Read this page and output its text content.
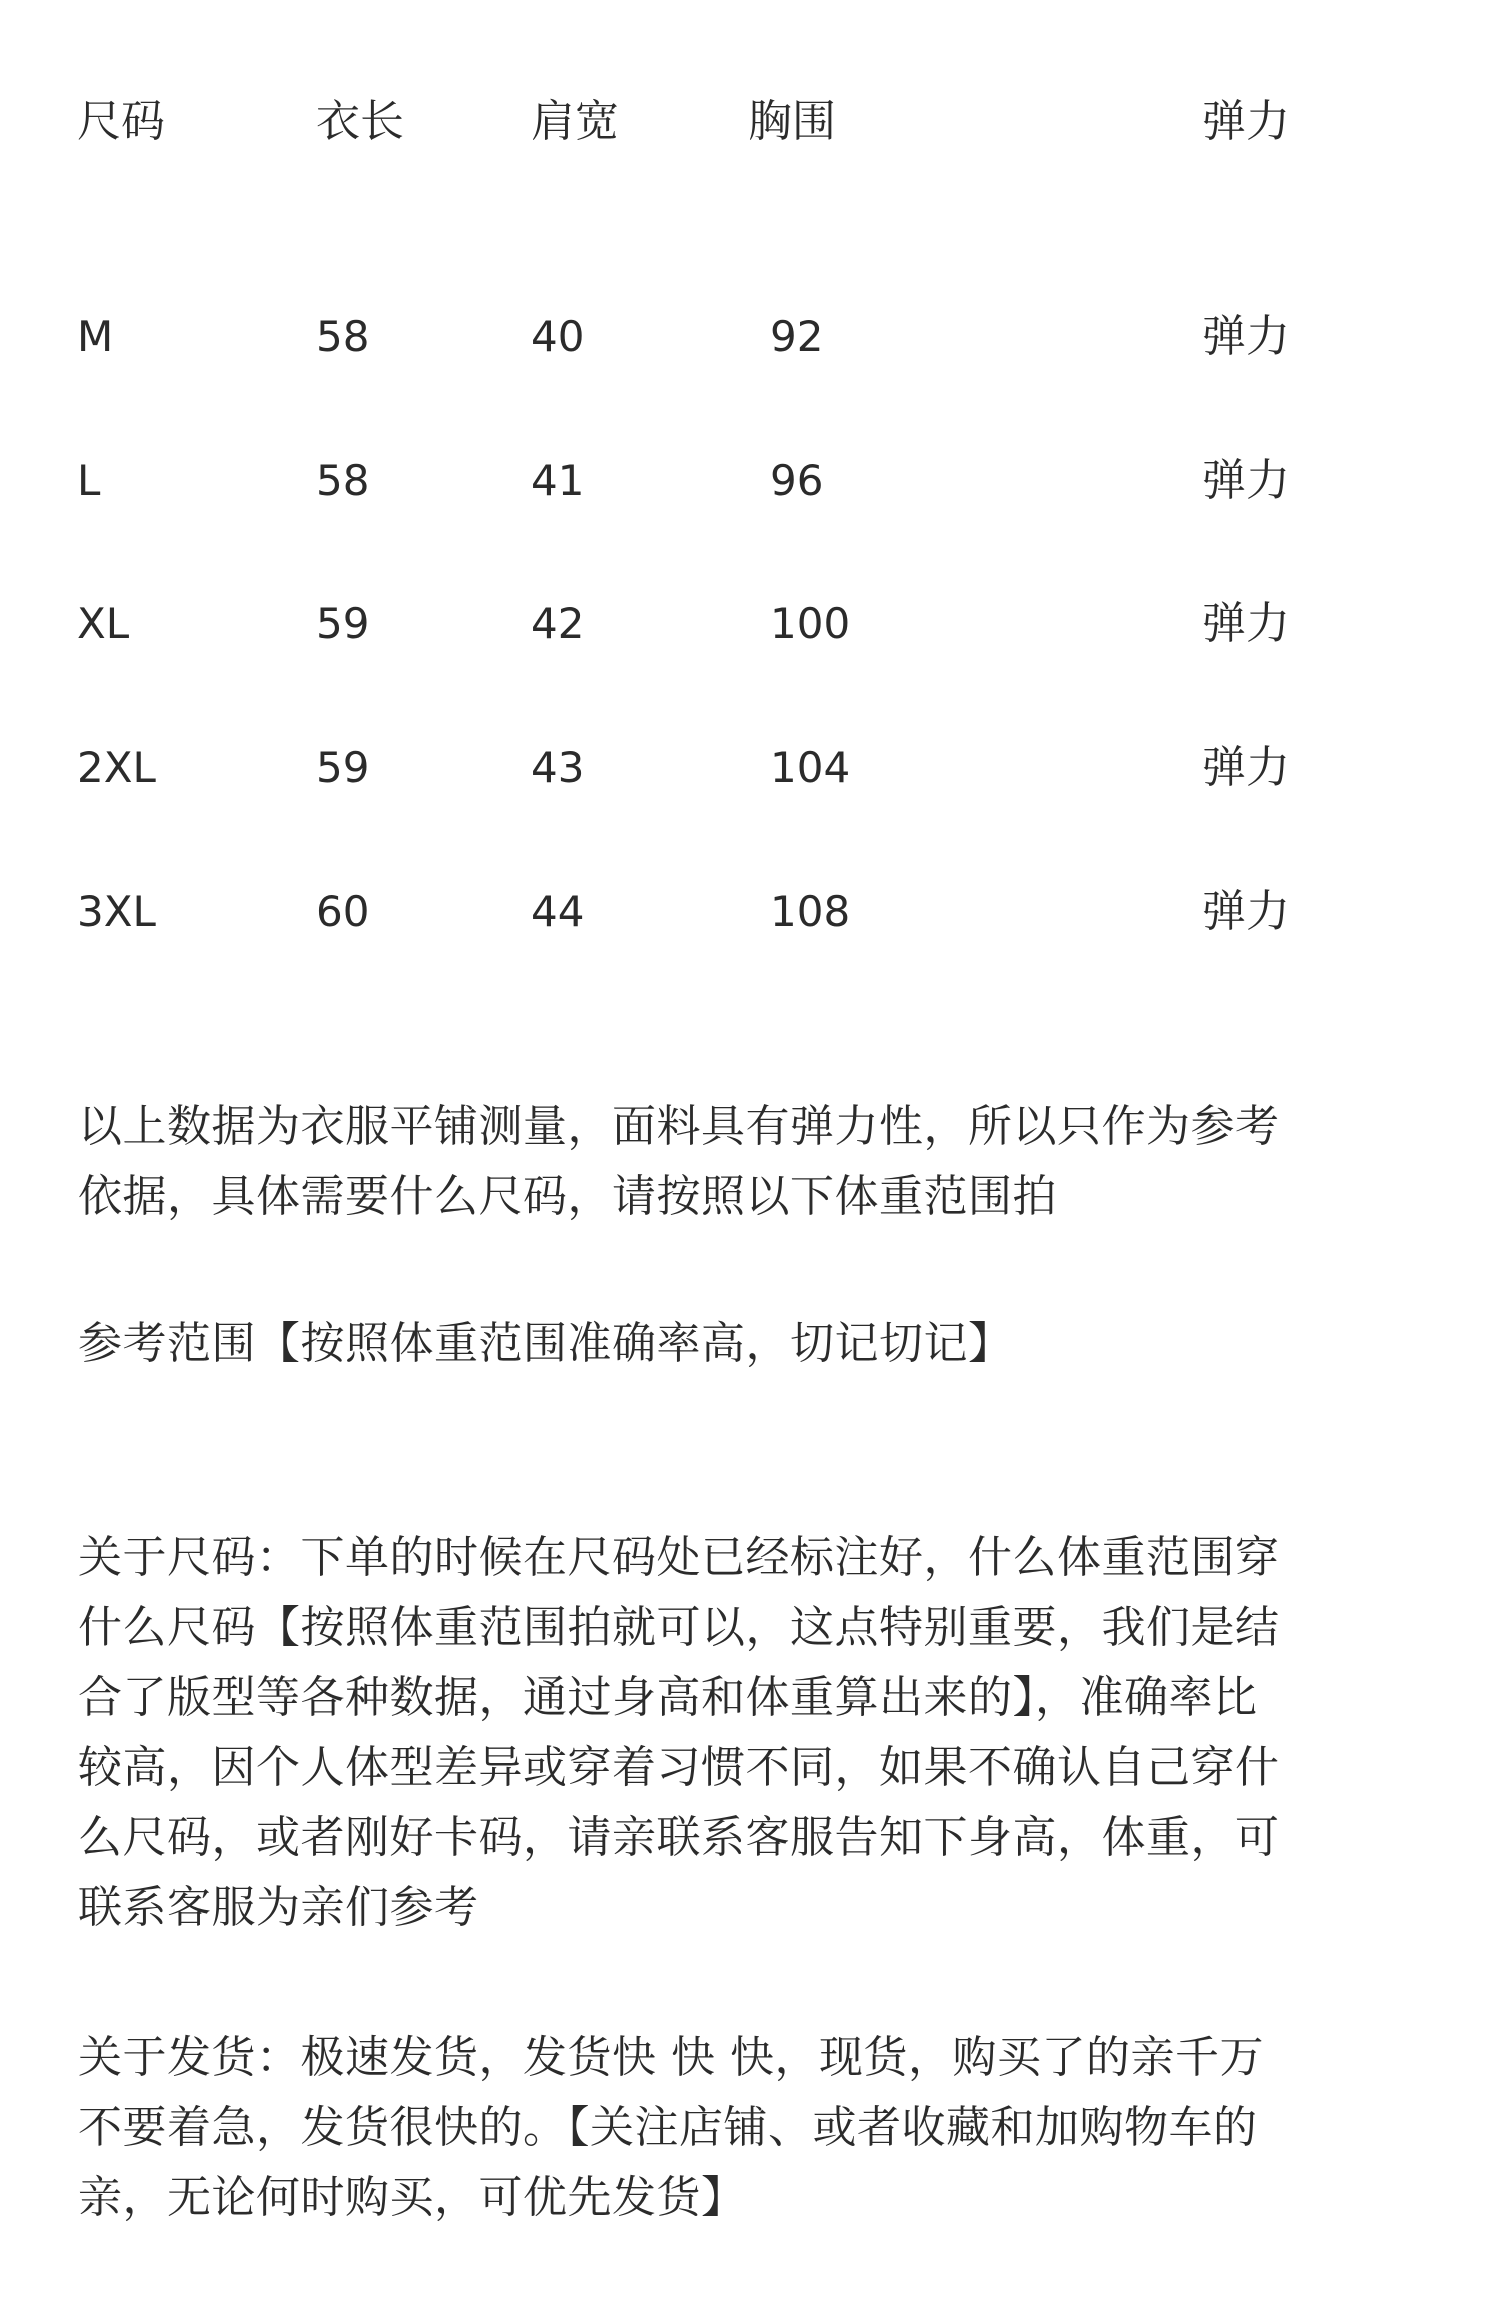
尺码	衣长	肩宽	胸围	弹力
M	58	40	92	弹力
L	58	41	96	弹力
XL	59	42	100	弹力
2XL	59	43	104	弹力
3XL	60	44	108	弹力
以上数据为衣服平铺测量，面料具有弹力性，所以只作为参考
依据，具体需要什么尺码，请按照以下体重范围拍
参考范围【按照体重范围准确率高，切记切记】
关于尺码：下单的时候在尺码处已经标注好，什么体重范围穿
什么尺码【按照体重范围拍就可以，这点特别重要，我们是结
合了版型等各种数据，通过身高和体重算出来的】，准确率比
较高，因个人体型差异或穿着习惯不同，如果不确认自己穿什
么尺码，或者刚好卡码，请亲联系客服告知下身高，体重，可
联系客服为亲们参考
关于发货：极速发货，发货快 快 快，现货，购买了的亲千万
不要着急，发货很快的。【关注店铺、或者收藏和加购物车的
亲，无论何时购买，可优先发货】
